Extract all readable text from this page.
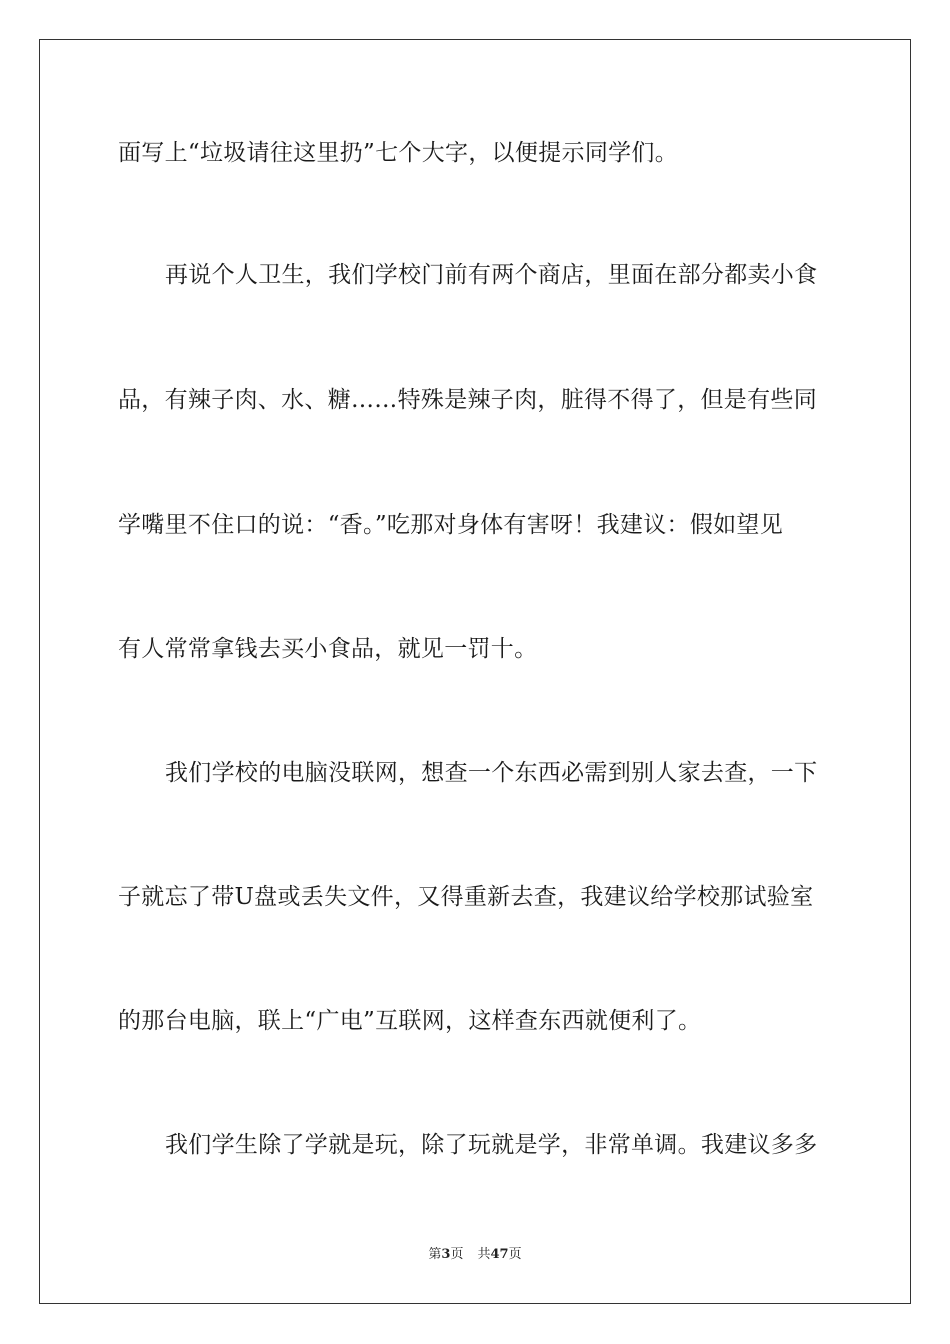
面写上“垃圾请往这里扔”七个大字，以便提示同学们。
再说个人卫生，我们学校门前有两个商店，里面在部分都卖小食
品，有辣子肉、水、糖……特殊是辣子肉，脏得不得了，但是有些同
学嘴里不住口的说：“香。”吃那对身体有害呀！我建议：假如望见
有人常常拿钱去买小食品，就见一罚十。
我们学校的电脑没联网，想查一个东西必需到别人家去查，一下
子就忘了带U盘或丢失文件，又得重新去查，我建议给学校那试验室
的那台电脑，联上“广电”互联网，这样查东西就便利了。
我们学生除了学就是玩，除了玩就是学，非常单调。我建议多多
第3页 共47页
